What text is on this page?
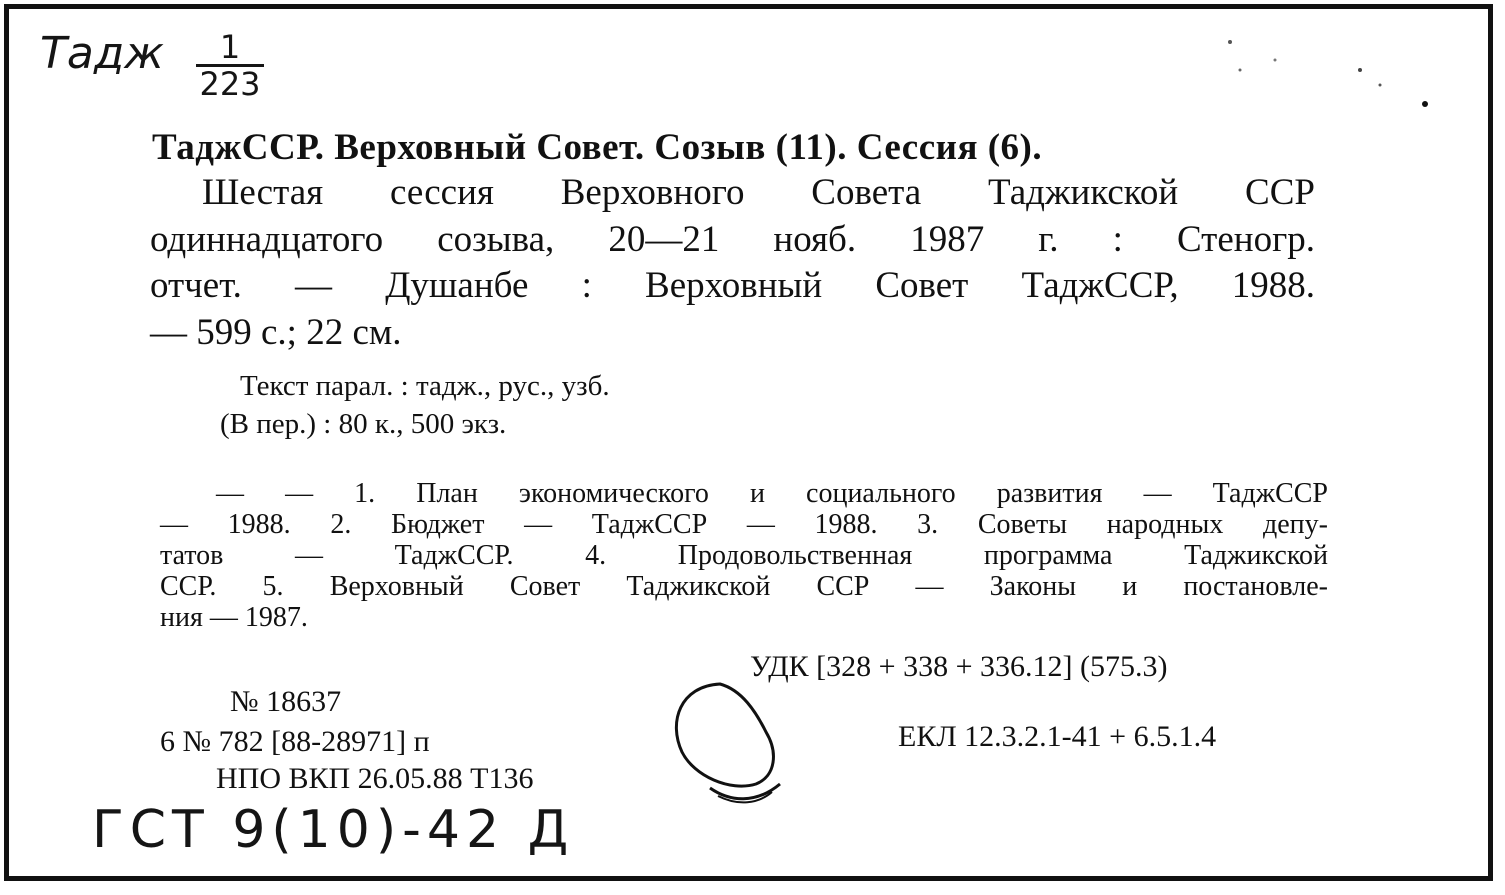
Тадж	1
223
ТаджССР. Верховный Совет. Созыв (11). Сессия (6).
Шестая сессия Верховного Совета Таджикской ССР
одиннадцатого созыва, 20—21 нояб. 1987 г. : Стеногр.
отчет. — Душанбе : Верховный Совет ТаджССР, 1988.
— 599 с.; 22 см.
Текст парал. : тадж., рус., узб.
(В пер.) : 80 к., 500 экз.
— — 1. План экономического и социального развития — ТаджССР
— 1988. 2. Бюджет — ТаджССР — 1988. 3. Советы народных депу-
татов — ТаджССР. 4. Продовольственная программа Таджикской
ССР. 5. Верховный Совет Таджикской ССР — Законы и постановле-
ния — 1987.
УДК [328 + 338 + 336.12] (575.3)
ЕКЛ 12.3.2.1-41 + 6.5.1.4
№ 18637
6 № 782 [88-28971] п
НПО ВКП 26.05.88 Т136
ГСТ 9(10)-42 Д
